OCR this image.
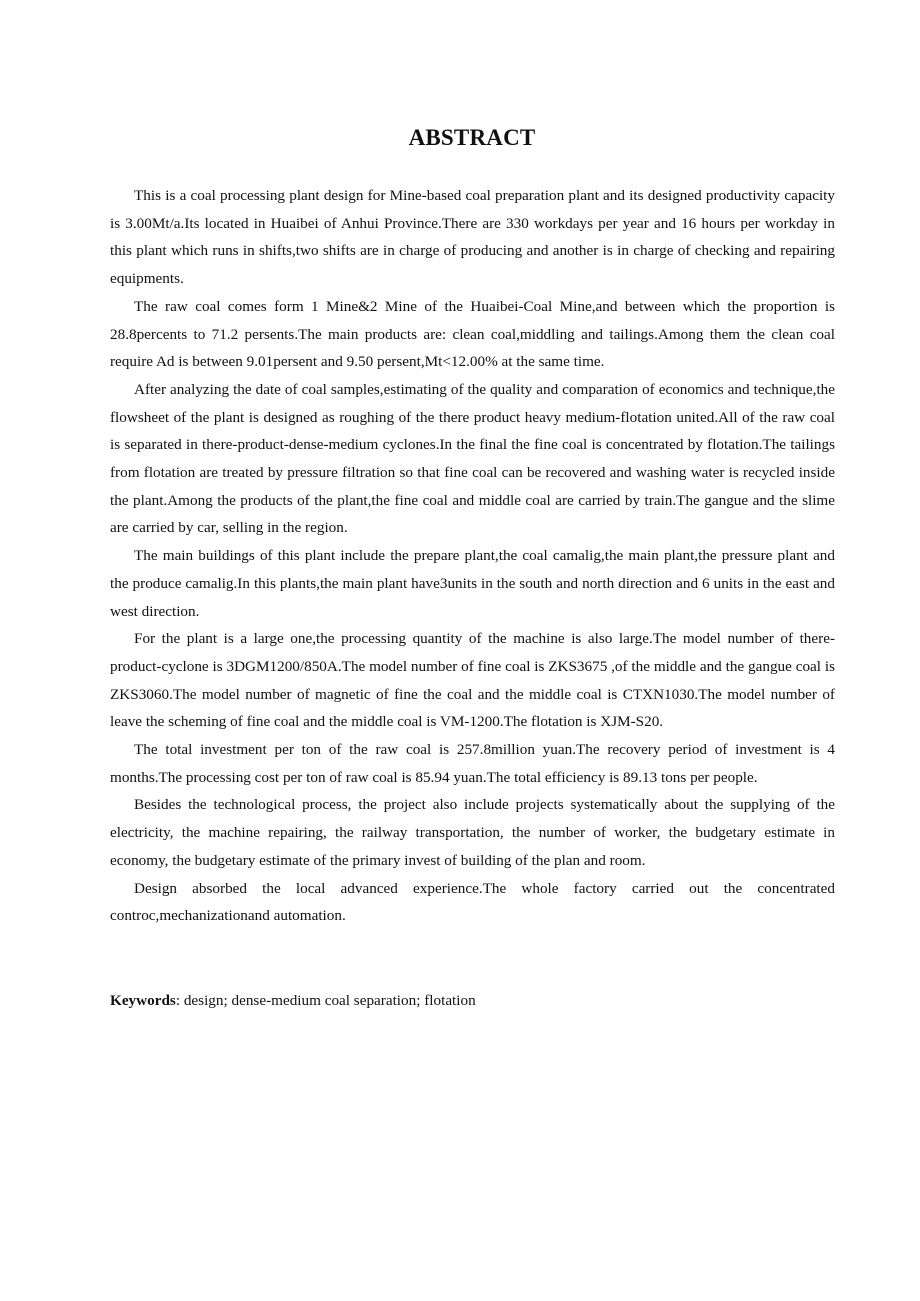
ABSTRACT

This is a coal processing plant design for Mine-based coal preparation plant and its designed productivity capacity is 3.00Mt/a.Its located in Huaibei of Anhui Province.There are 330 workdays per year and 16 hours per workday in this plant which runs in shifts,two shifts are in charge of producing and another is in charge of checking and repairing equipments.

The raw coal comes form 1 Mine&2 Mine of the Huaibei-Coal Mine,and between which the proportion is 28.8percents to 71.2 persents.The main products are: clean coal,middling and tailings.Among them the clean coal require Ad is between 9.01persent and 9.50 persent,Mt<12.00% at the same time.

After analyzing the date of coal samples,estimating of the quality and comparation of economics and technique,the flowsheet of the plant is designed as roughing of the there product heavy medium-flotation united.All of the raw coal is separated in there-product-dense-medium cyclones.In the final the fine coal is concentrated by flotation.The tailings from flotation are treated by pressure filtration so that fine coal can be recovered and washing water is recycled inside the plant.Among the products of the plant,the fine coal and middle coal are carried by train.The gangue and the slime are carried by car, selling in the region.

The main buildings of this plant include the prepare plant,the coal camalig,the main plant,the pressure plant and the produce camalig.In this plants,the main plant have3units in the south and north direction and 6 units in the east and west direction.

For the plant is a large one,the processing quantity of the machine is also large.The model number of there-product-cyclone is 3DGM1200/850A.The model number of fine coal is ZKS3675 ,of the middle and the gangue coal is ZKS3060.The model number of magnetic of fine the coal and the middle coal is CTXN1030.The model number of leave the scheming of fine coal and the middle coal is VM-1200.The flotation is XJM-S20.

The total investment per ton of the raw coal is 257.8million yuan.The recovery period of investment is 4 months.The processing cost per ton of raw coal is 85.94 yuan.The total efficiency is 89.13 tons per people.

Besides the technological process, the project also include projects systematically about the supplying of the electricity, the machine repairing, the railway transportation, the number of worker, the budgetary estimate in economy, the budgetary estimate of the primary invest of building of the plan and room.

Design absorbed the local advanced experience.The whole factory carried out the concentrated controc,mechanizationand automation.

Keywords: design; dense-medium coal separation; flotation
